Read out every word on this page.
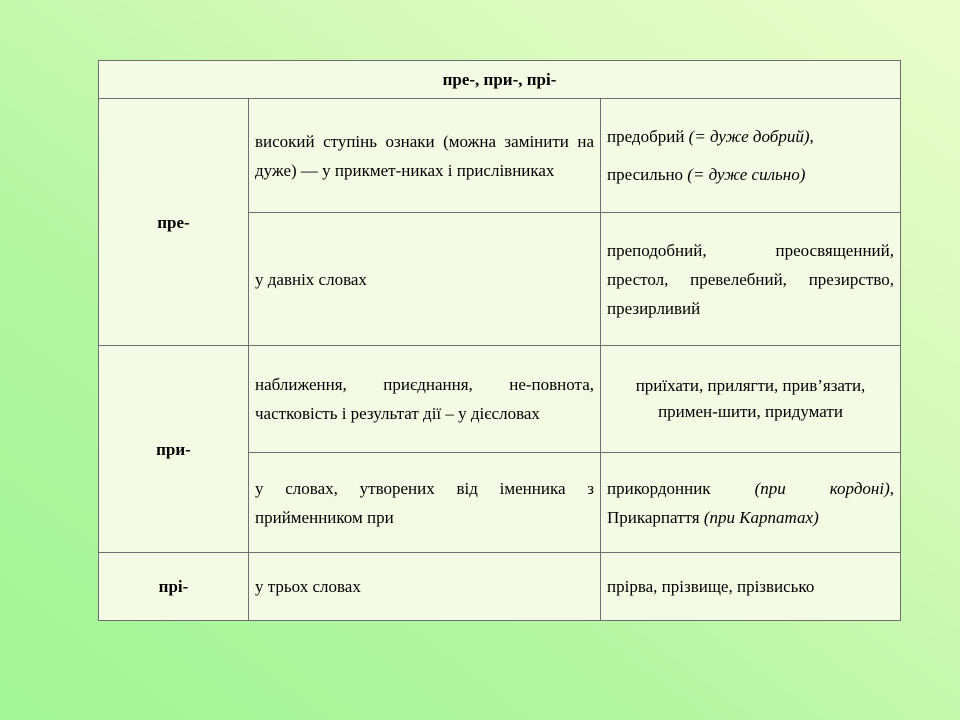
пре-, при-, прі-		
пре-	високий ступінь ознаки (можна замінити на дуже) — у прикмет-никах і прислівниках	предобрий (= дуже добрий),
пресильно (= дуже сильно)

	у давніх словах	преподобний, преосвященний, престол, превелебний, презирство, презирливий

при-	наближення, приєднання, не-повнота, частковість і результат дії – у дієсловах	приїхати, прилягти, прив’язати, примен-шити, придумати

	у словах, утворених від іменника з прийменником при	прикордонник (при кордоні), Прикарпаття (при Карпатах)

прі-	у трьох словах	прірва, прізвище, прізвисько
